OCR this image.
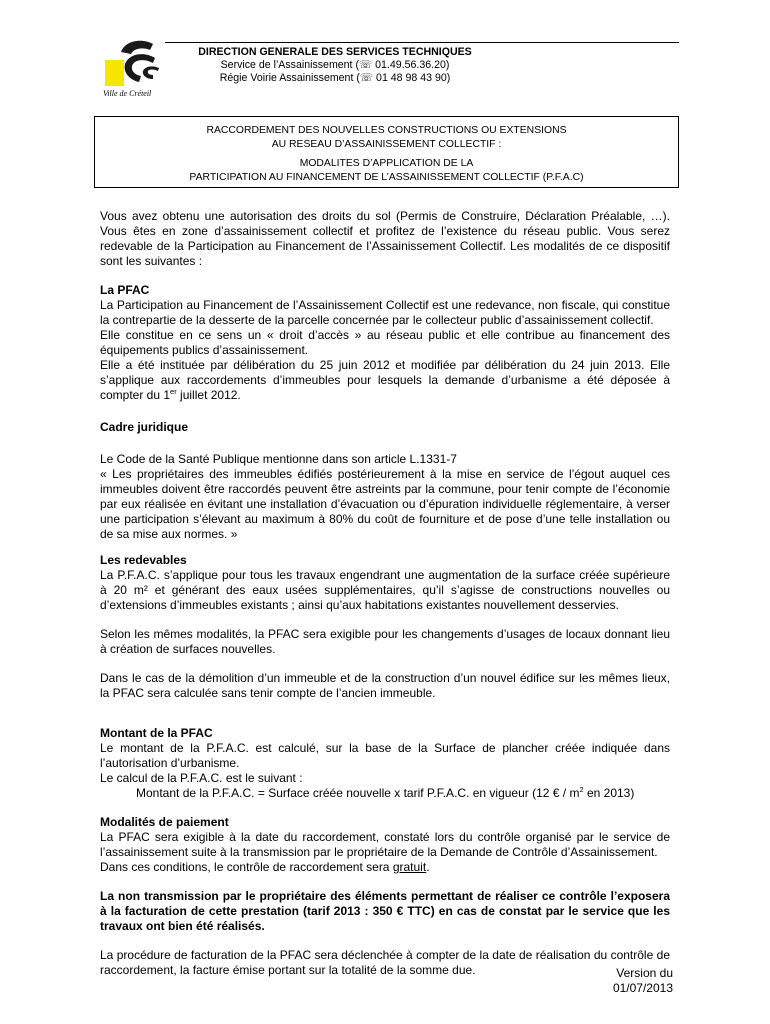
Ville de Créteil
DIRECTION GENERALE DES SERVICES TECHNIQUES
Service de l’Assainissement (☏ 01.49.56.36.20)
Régie Voirie Assainissement (☏ 01 48 98 43 90)
RACCORDEMENT DES NOUVELLES CONSTRUCTIONS OU EXTENSIONS
AU RESEAU D’ASSAINISSEMENT COLLECTIF :
MODALITES D’APPLICATION DE LA
PARTICIPATION AU FINANCEMENT DE L’ASSAINISSEMENT COLLECTIF (P.F.A.C)

Vous avez obtenu une autorisation des droits du sol (Permis de Construire, Déclaration Préalable, …). Vous êtes en zone d’assainissement collectif et profitez de l’existence du réseau public. Vous serez redevable de la Participation au Financement de l’Assainissement Collectif. Les modalités de ce dispositif sont les suivantes :

La PFAC

La Participation au Financement de l’Assainissement Collectif est une redevance, non fiscale, qui constitue la contrepartie de la desserte de la parcelle concernée par le collecteur public d’assainissement collectif.

Elle constitue en ce sens un « droit d’accès » au réseau public et elle contribue au financement des équipements publics d’assainissement.

Elle a été instituée par délibération du 25 juin 2012 et modifiée par délibération du 24 juin 2013. Elle s’applique aux raccordements d’immeubles pour lesquels la demande d’urbanisme a été déposée à compter du 1er juillet 2012.

Cadre juridique

Le Code de la Santé Publique mentionne dans son article L.1331-7

« Les propriétaires des immeubles édifiés postérieurement à la mise en service de l’égout auquel ces immeubles doivent être raccordés peuvent être astreints par la commune, pour tenir compte de l’économie par eux réalisée en évitant une installation d’évacuation ou d’épuration individuelle réglementaire, à verser une participation s’élevant au maximum à 80% du coût de fourniture et de pose d’une telle installation ou de sa mise aux normes. »

Les redevables

La P.F.A.C. s’applique pour tous les travaux engendrant une augmentation de la surface créée supérieure à 20 m² et générant des eaux usées supplémentaires, qu’il s’agisse de constructions nouvelles ou d’extensions d’immeubles existants ; ainsi qu’aux habitations existantes nouvellement desservies.

Selon les mêmes modalités, la PFAC sera exigible pour les changements d’usages de locaux donnant lieu à création de surfaces nouvelles.

Dans le cas de la démolition d’un immeuble et de la construction d’un nouvel édifice sur les mêmes lieux, la PFAC sera calculée sans tenir compte de l’ancien immeuble.

Montant de la PFAC

Le montant de la P.F.A.C. est calculé, sur la base de la Surface de plancher créée indiquée dans l’autorisation d’urbanisme.

Le calcul de la P.F.A.C. est le suivant :

Montant de la P.F.A.C. = Surface créée nouvelle x tarif P.F.A.C. en vigueur (12 € / $m^2$ en 2013)

Modalités de paiement

La PFAC sera exigible à la date du raccordement, constaté lors du contrôle organisé par le service de l’assainissement suite à la transmission par le propriétaire de la Demande de Contrôle d’Assainissement.

Dans ces conditions, le contrôle de raccordement sera gratuit.

La non transmission par le propriétaire des éléments permettant de réaliser ce contrôle l’exposera à la facturation de cette prestation (tarif 2013 : 350 € TTC) en cas de constat par le service que les travaux ont bien été réalisés.

La procédure de facturation de la PFAC sera déclenchée à compter de la date de réalisation du contrôle de raccordement, la facture émise portant sur la totalité de la somme due.	Version du 01/07/2013
